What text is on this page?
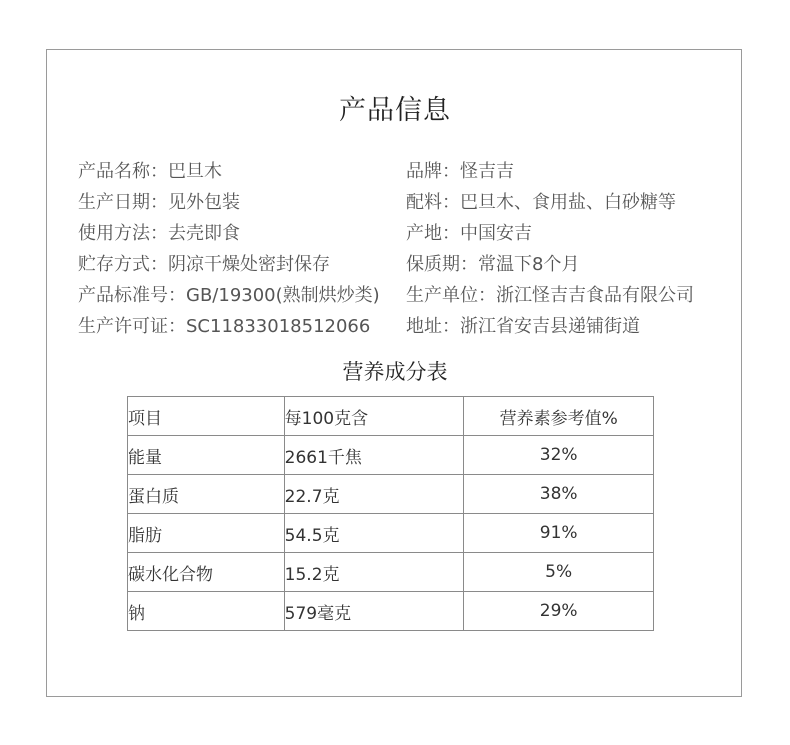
产品信息
产品名称：巴旦木	品牌：怪吉吉
生产日期：见外包装	配料：巴旦木、食用盐、白砂糖等
使用方法：去壳即食	产地：中国安吉
贮存方式：阴凉干燥处密封保存	保质期：常温下8个月
产品标准号：GB/19300(熟制烘炒类) 生产单位：浙江怪吉吉食品有限公司
生产许可证：SC11833018512066 地址：浙江省安吉县递铺街道
营养成分表
项目	每100克含	营养素参考值%
能量	2661千焦	32%
蛋白质	22.7克	38%
脂肪	54.5克	91%
碳水化合物	15.2克	5%
钠	579毫克	29%
